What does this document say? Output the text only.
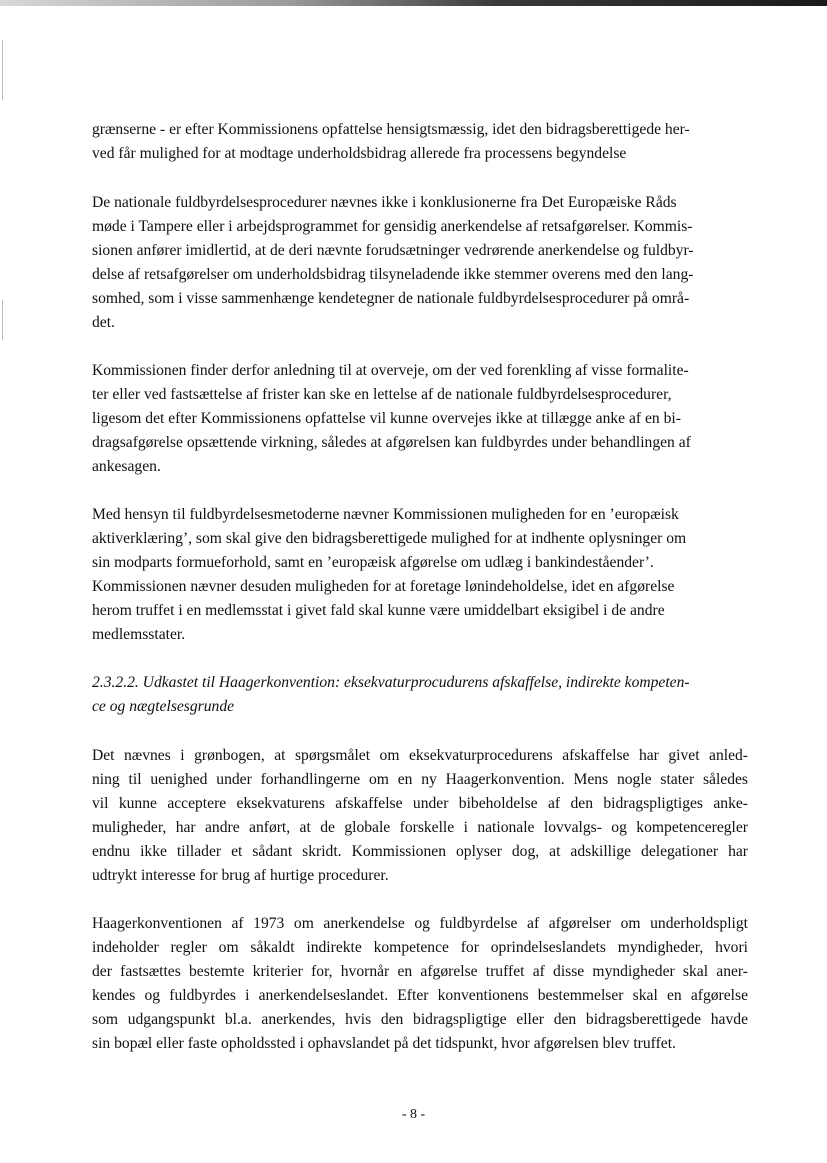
grænserne - er efter Kommissionens opfattelse hensigtsmæssig, idet den bidragsberettigede her-
ved får mulighed for at modtage underholdsbidrag allerede fra processens begyndelse

De nationale fuldbyrdelsesprocedurer nævnes ikke i konklusionerne fra Det Europæiske Råds
møde i Tampere eller i arbejdsprogrammet for gensidig anerkendelse af retsafgørelser. Kommis-
sionen anfører imidlertid, at de deri nævnte forudsætninger vedrørende anerkendelse og fuldbyr-
delse af retsafgørelser om underholdsbidrag tilsyneladende ikke stemmer overens med den lang-
somhed, som i visse sammenhænge kendetegner de nationale fuldbyrdelsesprocedurer på områ-
det.

Kommissionen finder derfor anledning til at overveje, om der ved forenkling af visse formalite-
ter eller ved fastsættelse af frister kan ske en lettelse af de nationale fuldbyrdelsesprocedurer,
ligesom det efter Kommissionens opfattelse vil kunne overvejes ikke at tillægge anke af en bi-
dragsafgørelse opsættende virkning, således at afgørelsen kan fuldbyrdes under behandlingen af
ankesagen.

Med hensyn til fuldbyrdelsesmetoderne nævner Kommissionen muligheden for en ’europæisk
aktiverklæring’, som skal give den bidragsberettigede mulighed for at indhente oplysninger om
sin modparts formueforhold, samt en ’europæisk afgørelse om udlæg i bankindeståender’.
Kommissionen nævner desuden muligheden for at foretage lønindeholdelse, idet en afgørelse
herom truffet i en medlemsstat i givet fald skal kunne være umiddelbart eksigibel i de andre
medlemsstater.

2.3.2.2. Udkastet til Haagerkonvention: eksekvaturprocudurens afskaffelse, indirekte kompeten-
ce og nægtelsesgrunde

Det nævnes i grønbogen, at spørgsmålet om eksekvaturprocedurens afskaffelse har givet anled-
ning til uenighed under forhandlingerne om en ny Haagerkonvention. Mens nogle stater således
vil kunne acceptere eksekvaturens afskaffelse under bibeholdelse af den bidragspligtiges anke-
muligheder, har andre anført, at de globale forskelle i nationale lovvalgs- og kompetenceregler
endnu ikke tillader et sådant skridt. Kommissionen oplyser dog, at adskillige delegationer har
udtrykt interesse for brug af hurtige procedurer.

Haagerkonventionen af 1973 om anerkendelse og fuldbyrdelse af afgørelser om underholdspligt
indeholder regler om såkaldt indirekte kompetence for oprindelseslandets myndigheder, hvori
der fastsættes bestemte kriterier for, hvornår en afgørelse truffet af disse myndigheder skal aner-
kendes og fuldbyrdes i anerkendelseslandet. Efter konventionens bestemmelser skal en afgørelse
som udgangspunkt bl.a. anerkendes, hvis den bidragspligtige eller den bidragsberettigede havde
sin bopæl eller faste opholdssted i ophavslandet på det tidspunkt, hvor afgørelsen blev truffet.

- 8 -
